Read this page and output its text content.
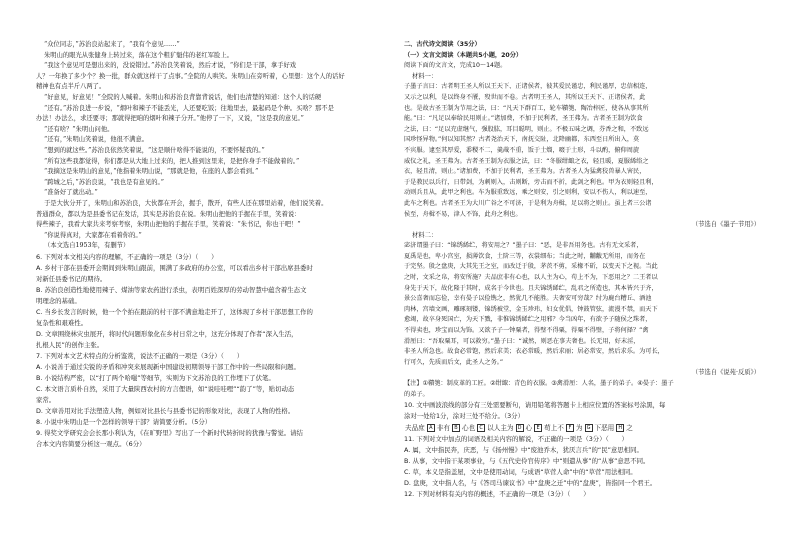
“众位同志，”苏治良站起来了，“我有个意见……”
朱明山的眼光从张健身上转过来，落在这个粗犷魁伟的老红军脸上。
“我这个意见可是想出来的，没说错过。”苏治良笑着说，然后才说，“你们是干部，拿手好戏
人？一年换了多少个？换一批，群众就这样干了点事。”全院的人哄笑。朱明山在旁听着，心里想：这个人的话好
精神也有点半斤八两了。
“好意见，好意见！”全院的人喊着。朱明山和苏治良背靠背说话，他们也清楚的知道：这个人的话硬
“还有。”苏治良进一步说，“烟叶和辣子不能丢光，人还要吃饭；往地里去，最起码是个种。买啥？那不是
办法！办法么，求还要寻；那就得把咱的烟叶和辣子分开。”他停了一下，又说，“这是我的意见。”
“还有啥？”朱明山问他。
“还有，”朱明山笑着说，他很不满意。
“想到的就这些。”苏治良依然笑着说，“这是顺什啥得不能说的，不要怀疑我的。”
“所有这些我都觉得，你们都是从大地上过来的，把人推到这里来，是把你身手不能做着的。”
“我摘这是朱明山的意见，”他指着朱明山说，“那就是他，在座的人都会看到。”
“跨城之后，”苏治良说，“我也是有意见的。”
“准备好了就出动。”
于是大伙分开了，朱明山和苏治良，大伙都在开会，握手，散开，有些人还在那里站着，他们说笑着。
普通群众，都以为是县委书记在发话，其实是苏治良在说。朱明山把他的手握在手里，笑着说：
得些辣子，我看大家共来考察考察，朱明山把他的手握在手里，笑着说：“朱书记，你也干吧！”
“你说得真对，大家都在看着你的。”
（本文选自1953年，有删节）
6. 下列对本文相关内容的理解，不正确的一项是（3分）（　　）
A. 乡村干部在县委开会期间到朱明山跟前，围满了多政府的办公室，可以看出乡村干部出席县委时
对新任县委书记的期待。
B. 苏治良创造性地使用辣子、煤油等家农药进行杀虫，表明百姓深厚的劳动智慧中蕴含着生态文
明理念的基础。
C. 当乡长发言的时候，他一个个拍在跟前的村干部不满意地走开了，这体现了乡村干部思想工作的
复杂性和艰难性。
D. 文章围绕林灾虫展开，将时代问题形象化在乡村日常之中，这充分体现了作者“深入生活，
扎根人民”的创作主张。
7. 下列对本文艺术特点的分析鉴赏，说法不正确的一项是（3分）（　　）
A. 小说善于通过尖锐的矛盾和冲突来展现新中国建设初期领导干部工作中的一些局限和问题。
B. 小说结构严密，以“打了两个哈嗤”等细节，实则为下文苏治良的工作埋下了伏笔。
C. 本文语言质朴自然，采用了大量陕西农村的方言俚语，如“说哇哇哩”“韵了”等，贴切动态
家常。
D. 文章善用对比手法塑造人物，例如对比县长与县委书记的形象对比，表现了人物的性格。
8. 小说中朱明山是一个怎样的领导干部？请简要分析。（5分）
9. 得奖文学研究会会长那小利认为，《在旷野里》写出了一个新时代转折时的犹豫与警觉。请结
合本文内容简要分析这一观点。（6分）
二、古代诗文阅读（35分）
（一）文言文阅读（本题共5小题，20分）
阅读下面的文言文，完成10～14题。
材料一：
子墨子言曰：古者明王圣人所以王天下、正诸侯者，彼其爱民谨忠，利民谨厚，忠信相连，
又示之以利，是以终身不餍，殁世而不卷。古者明王圣人，其所以王天下、正诸侯者，此
也。是故古圣王制为节用之法，曰：“凡天下群百工，轮车鞼匏、陶冶梓匠，使各从事其所
能。”曰：“凡足以奉给民用则止。”诸加费，不加于民利者，圣王弗为。古者圣王制为饮食
之法，曰：“足以充虚继气，强股肱，耳目聪明，则止。不极五味之调，芬香之和，不致远
国珍怪异物。”何以知其然？古者尧治天下，南抚交阯，北降幽都，东西至日所出入，莫
不宾服。逮至其厚爱，黍稷不二，羹胾不重，饭于土熘，啜于土形，斗以酌，俯仰周旋
威仪之礼，圣王弗为。古者圣王制为衣服之法，曰：“冬服绀緅之衣，轻且暖，夏服絺绤之
衣，轻且清，则止。”诸加费，不加于民利者，圣王弗为。古者圣人为猛禽狡兽暴人害民，
于是教民以兵行，日带剑，为刺则入，击则断，旁击而不折，此剑之利也。甲为衣则轻且利，
动则兵且从，此甲之利也。车为服重致远，乘之则安，引之则利，安以不伤人，利以速至，
此车之利也。古者圣王为大川广谷之不可济，于是利为舟楫，足以将之则止。虽上者三公诸
侯至，舟楫不易，津人不饰，此舟之利也。
（节选自《墨子·节用》）
材料二：
宓济谓墨子曰：“锦绣絺纻，将安用之？”墨子曰：“恶，是非吾用务也。古有无文采者，
夏禹是也，卑小宫室，损薄饮食，土阶三等，衣裳细布；当此之时，黼黻无所用，而务在
于完坚。殷之盘庚，大其先王之室，而改迁于殷，茅茨不剪，采椽不斫，以变天下之视。当此
之时，文采之帛，将安所施？夫品庶非有心也，以人主为心，苟上不为，下恶用之？二王者以
身先于天下，故化隆于其时，成名于今世也。且夫锦绣絺纻，乱君之所造也，其本皆兴于齐，
景公喜奢而忘俭，幸有晏子以俭镌之，然犹几不能胜。夫奢安可穷哉？纣为鹿台糟丘、酒池
肉林，宫墙文画，雕琢刻镂，锦绣被堂，金玉珍玮，妇女优倡，钟鼓管弦，流漫不禁，而天下
愈竭，故卒身死国亡，为天下戮，非惟锦绣絺纻之用邪？今当凶年，有欲予子随侯之珠者，
不得卖也，珍宝而以为饰。又欲予子一钟粟者，得璧不得粟，得粟不得璧，子将何择？”禽
滑厘曰：“吾取粟耳，可以救穷。”墨子曰：“诚然，则恶在事夫奢也。长无用，好末淫，
非圣人所急也。故食必常饱，然后求美；衣必常暖，然后求丽；居必常安，然后求乐。为可长，
行可久，先质而后文，此圣人之务。”
（节选自《说苑·反质》）
【注】①鞼匏：制皮革的工匠。②绀緅：青色的衣服。③禽滑厘：人名，墨子的弟子。④晏子：墨子
的弟子。
10. 文中画波浪线的部分有三处需要断句，请用铅笔将答题卡上相应位置的答案标号涂黑，每
涂对一处给1分，涂对三处不给分。（3分）
夫品庶 A 非有 B 心也 C 以人主为 D 心 E 苟上不 F 为 G 下恶用 H 之
11. 下列对文中加点的词语及相关内容的解说，不正确的一项是（3分）（　　）
A. 属，文中指民奔，庆恶，与《扬州慢》中“废池乔木，犹厌言兵”的“民”意思相同。
B. 从事，文中指干某项事业，与《五代史伶官传序》中“则遣从事”的“从事”意思不同。
C. 草，本义是指盖屋，文中是使用动词，与成语“草菅人命”中的“草菅”用法相同。
D. 盘庚，文中指人名，与《答司马谏议书》中“盘庚之迁”中的“盘庚”，皆指同一个君王。
12. 下列对材料有关内容的概述，不正确的一项是（3分）（　　）
